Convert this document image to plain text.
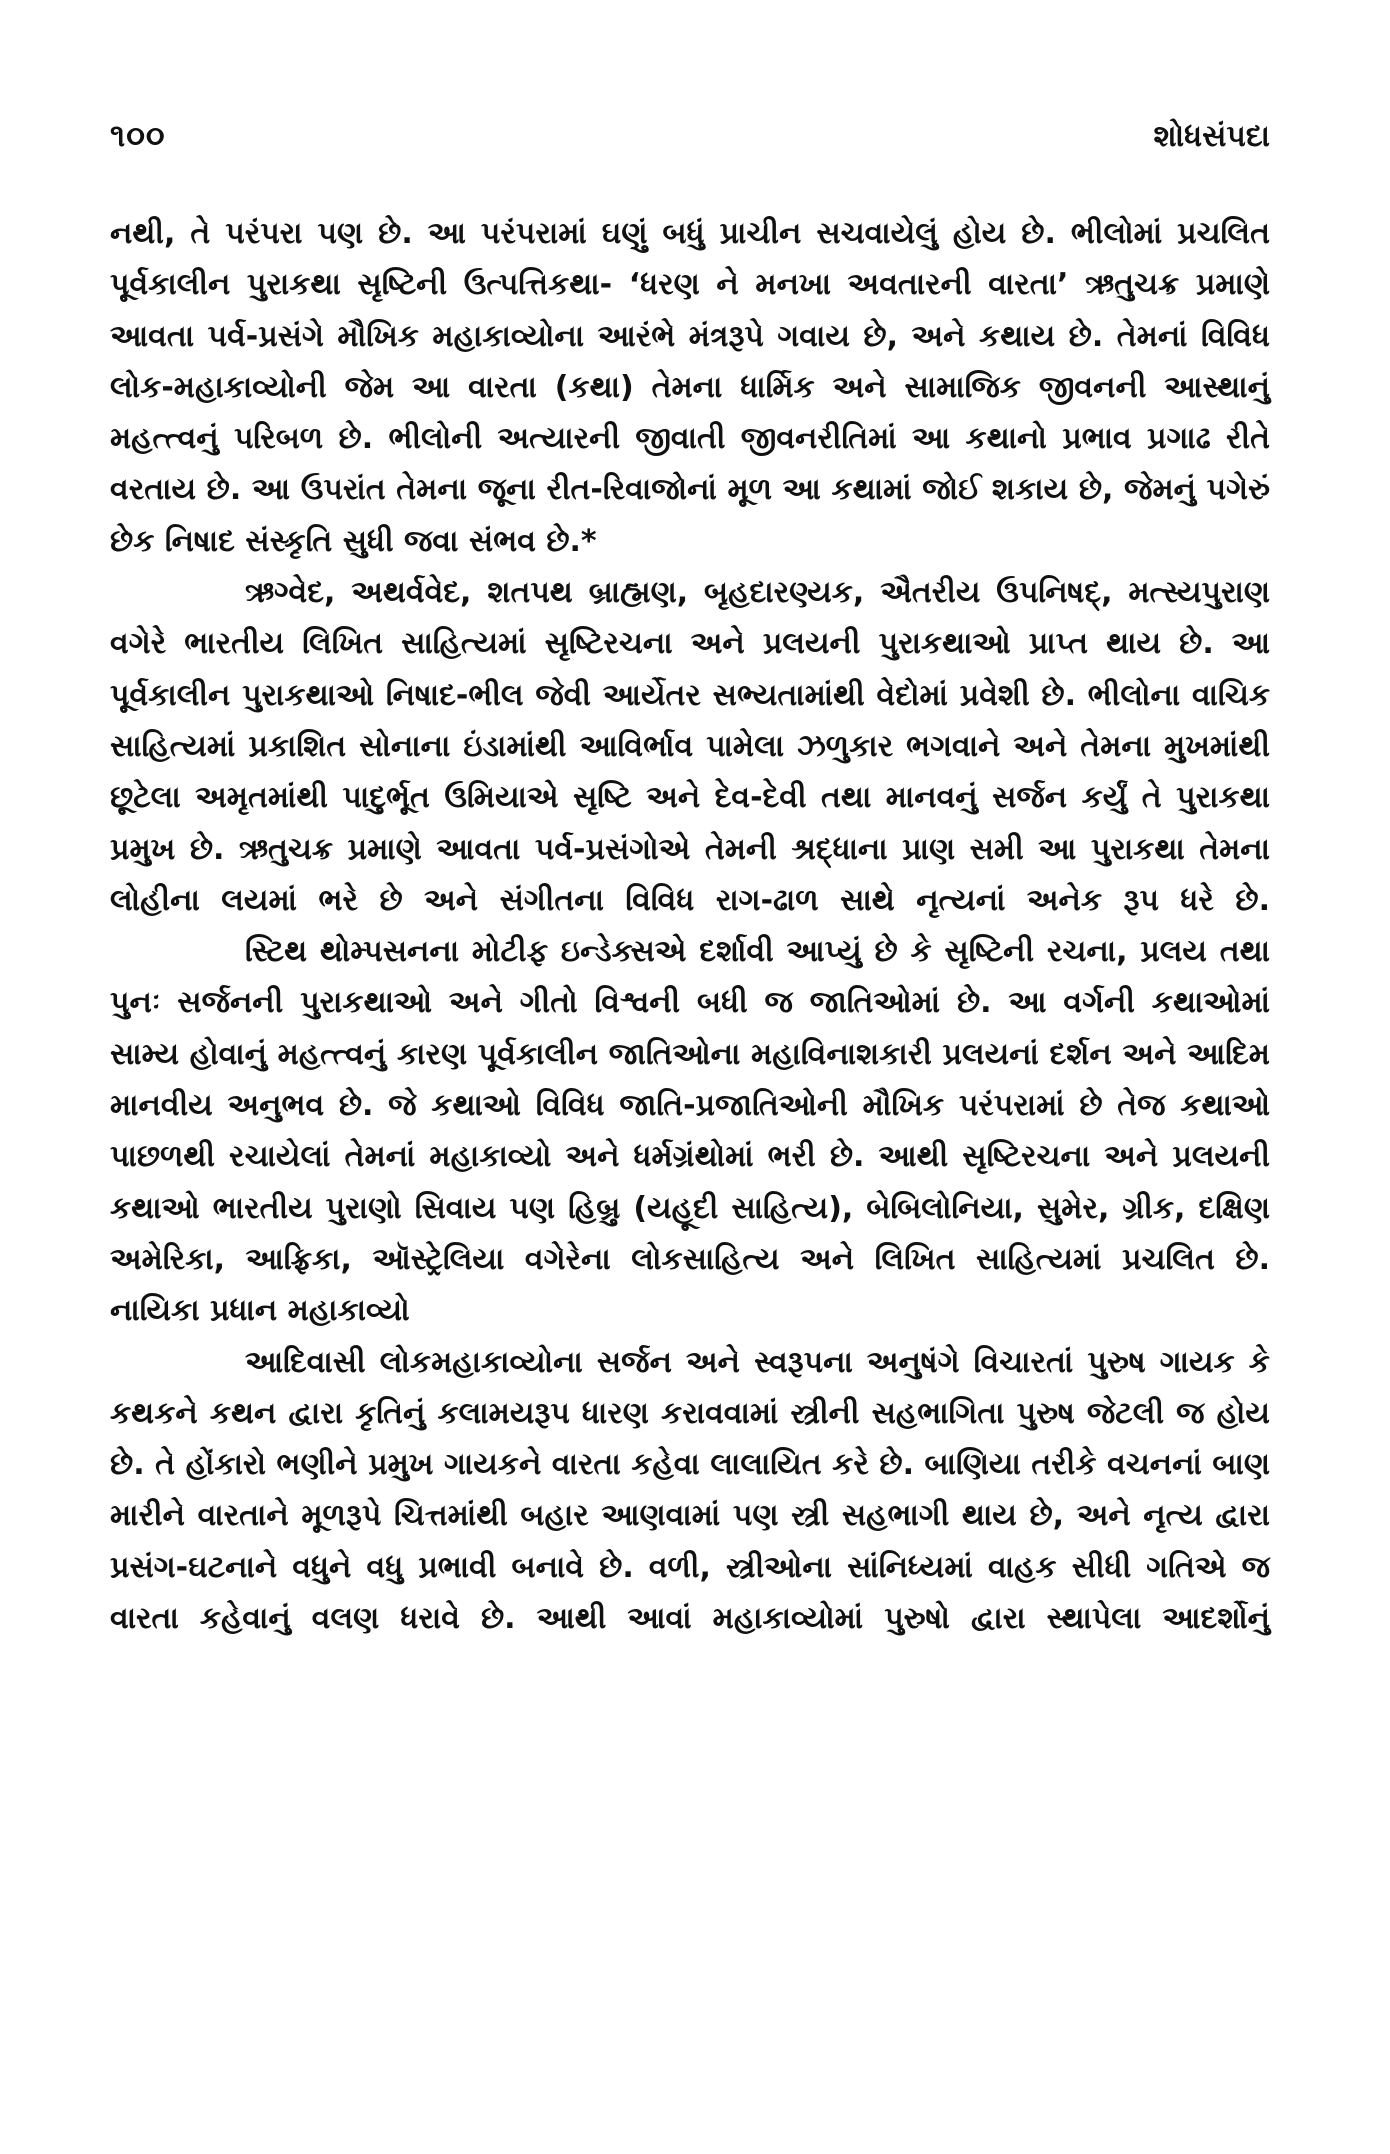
૧૦૦	શોધસંપદા

નથી, તે પરંપરા પણ છે. આ પરંપરામાં ઘણું બધું પ્રાચીન સચવાયેલું હોય છે. ભીલોમાં પ્રચલિત પૂર્વકાલીન પુરાકથા સૃષ્ટિની ઉત્પત્તિકથા- ‘ધરણ ને મનખા અવતારની વારતા’ ઋતુચક્ર પ્રમાણે આવતા પર્વ-પ્રસંગે મૌખિક મહાકાવ્યોના આરંભે મંત્રરૂપે ગવાય છે, અને કથાય છે. તેમનાં વિવિધ લોક-મહાકાવ્યોની જેમ આ વારતા (કથા) તેમના ધાર્મિક અને સામાજિક જીવનની આસ્થાનું મહત્ત્વનું પરિબળ છે. ભીલોની અત્યારની જીવાતી જીવનરીતિમાં આ કથાનો પ્રભાવ પ્રગાઢ રીતે વરતાય છે. આ ઉપરાંત તેમના જૂના રીત-રિવાજોનાં મૂળ આ કથામાં જોઈ શકાય છે, જેમનું પગેરું છેક નિષાદ સંસ્કૃતિ સુધી જવા સંભવ છે.*

ઋગ્વેદ, અથર્વવેદ, શતપથ બ્રાહ્મણ, બૃહદારણ્યક, ઐતરીય ઉપનિષદ્, મત્સ્યપુરાણ વગેરે ભારતીય લિખિત સાહિત્યમાં સૃષ્ટિરચના અને પ્રલયની પુરાકથાઓ પ્રાપ્ત થાય છે. આ પૂર્વકાલીન પુરાકથાઓ નિષાદ-ભીલ જેવી આર્યેતર સભ્યતામાંથી વેદોમાં પ્રવેશી છે. ભીલોના વાચિક સાહિત્યમાં પ્રકાશિત સોનાના ઇંડામાંથી આવિર્ભાવ પામેલા ઝળુકાર ભગવાને અને તેમના મુખમાંથી છૂટેલા અમૃતમાંથી પાદુર્ભૂત ઉમિયાએ સૃષ્ટિ અને દેવ-દેવી તથા માનવનું સર્જન કર્યું તે પુરાકથા પ્રમુખ છે. ઋતુચક્ર પ્રમાણે આવતા પર્વ-પ્રસંગોએ તેમની શ્રદ્ધાના પ્રાણ સમી આ પુરાકથા તેમના લોહીના લયમાં ભરે છે અને સંગીતના વિવિધ રાગ-ઢાળ સાથે નૃત્યનાં અનેક રૂપ ધરે છે.

સ્ટિથ થોમ્પસનના મોટીફ ઇન્ડેક્સએ દર્શાવી આપ્યું છે કે સૃષ્ટિની રચના, પ્રલય તથા પુનઃ સર્જનની પુરાકથાઓ અને ગીતો વિશ્વની બધી જ જાતિઓમાં છે. આ વર્ગની કથાઓમાં સામ્ય હોવાનું મહત્ત્વનું કારણ પૂર્વકાલીન જાતિઓના મહાવિનાશકારી પ્રલયનાં દર્શન અને આદિમ માનવીય અનુભવ છે. જે કથાઓ વિવિધ જાતિ-પ્રજાતિઓની મૌખિક પરંપરામાં છે તેજ કથાઓ પાછળથી રચાયેલાં તેમનાં મહાકાવ્યો અને ધર્મગ્રંથોમાં ભરી છે. આથી સૃષ્ટિરચના અને પ્રલયની કથાઓ ભારતીય પુરાણો સિવાય પણ હિબ્રુ (યહૂદી સાહિત્ય), બેબિલોનિયા, સુમેર, ગ્રીક, દક્ષિણ અમેરિકા, આફ્રિકા, ઑસ્ટ્રેલિયા વગેરેના લોકસાહિત્ય અને લિખિત સાહિત્યમાં પ્રચલિત છે.

નાયિકા પ્રધાન મહાકાવ્યો

આદિવાસી લોકમહાકાવ્યોના સર્જન અને સ્વરૂપના અનુષંગે વિચારતાં પુરુષ ગાયક કે કથકને કથન દ્વારા કૃતિનું કલામયરૂપ ધારણ કરાવવામાં સ્ત્રીની સહભાગિતા પુરુષ જેટલી જ હોય છે. તે હોંકારો ભણીને પ્રમુખ ગાયકને વારતા કહેવા લાલાયિત કરે છે. બાણિયા તરીકે વચનનાં બાણ મારીને વારતાને મૂળરૂપે ચિત્તમાંથી બહાર આણવામાં પણ સ્ત્રી સહભાગી થાય છે, અને નૃત્ય દ્વારા પ્રસંગ-ઘટનાને વધુને વધુ પ્રભાવી બનાવે છે. વળી, સ્ત્રીઓના સાંનિધ્યમાં વાહક સીધી ગતિએ જ વારતા કહેવાનું વલણ ધરાવે છે. આથી આવાં મહાકાવ્યોમાં પુરુષો દ્વારા સ્થાપેલા આદર્શોનું
